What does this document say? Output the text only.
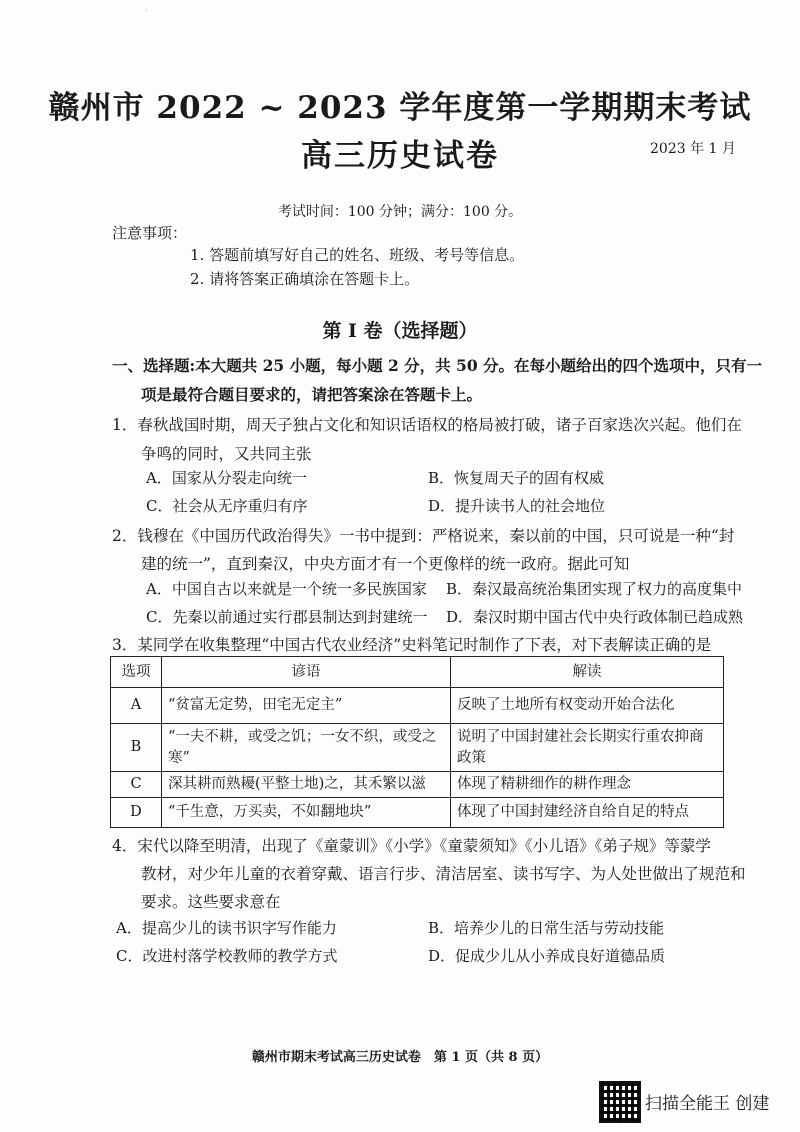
·
赣州市 2022 ~ 2023 学年度第一学期期末考试
高三历史试卷	2023 年 1 月
考试时间：100 分钟；满分：100 分。
注意事项：
1. 答题前填写好自己的姓名、班级、考号等信息。
2. 请将答案正确填涂在答题卡上。
第 I 卷（选择题）
一、选择题:本大题共 25 小题，每小题 2 分，共 50 分。在每小题给出的四个选项中，只有一
项是最符合题目要求的，请把答案涂在答题卡上。
1．春秋战国时期，周天子独占文化和知识话语权的格局被打破，诸子百家迭次兴起。他们在
争鸣的同时，又共同主张
A．国家从分裂走向统一	B．恢复周天子的固有权威
C．社会从无序重归有序	D．提升读书人的社会地位
2．钱穆在《中国历代政治得失》一书中提到：严格说来，秦以前的中国，只可说是一种“封
建的统一”，直到秦汉，中央方面才有一个更像样的统一政府。据此可知
A．中国自古以来就是一个统一多民族国家 B．秦汉最高统治集团实现了权力的高度集中
C．先秦以前通过实行郡县制达到封建统一 D．秦汉时期中国古代中央行政体制已趋成熟
3．某同学在收集整理“中国古代农业经济”史料笔记时制作了下表，对下表解读正确的是
选项	谚语	解读
A	“贫富无定势，田宅无定主”	反映了土地所有权变动开始合法化
B	“一夫不耕，或受之饥；一女不织，或受之寒”	说明了中国封建社会长期实行重农抑商政策
C	深其耕而熟耰(平整土地)之，其禾繁以滋	体现了精耕细作的耕作理念
D	“千生意，万买卖，不如翻地块”	体现了中国封建经济自给自足的特点
4．宋代以降至明清，出现了《童蒙训》《小学》《童蒙须知》《小儿语》《弟子规》等蒙学
教材，对少年儿童的衣着穿戴、语言行步、清洁居室、读书写字、为人处世做出了规范和
要求。这些要求意在
A．提高少儿的读书识字写作能力	B．培养少儿的日常生活与劳动技能
C．改进村落学校教师的教学方式	D．促成少儿从小养成良好道德品质
赣州市期末考试高三历史试卷　第 1 页（共 8 页）
扫描全能王 创建
